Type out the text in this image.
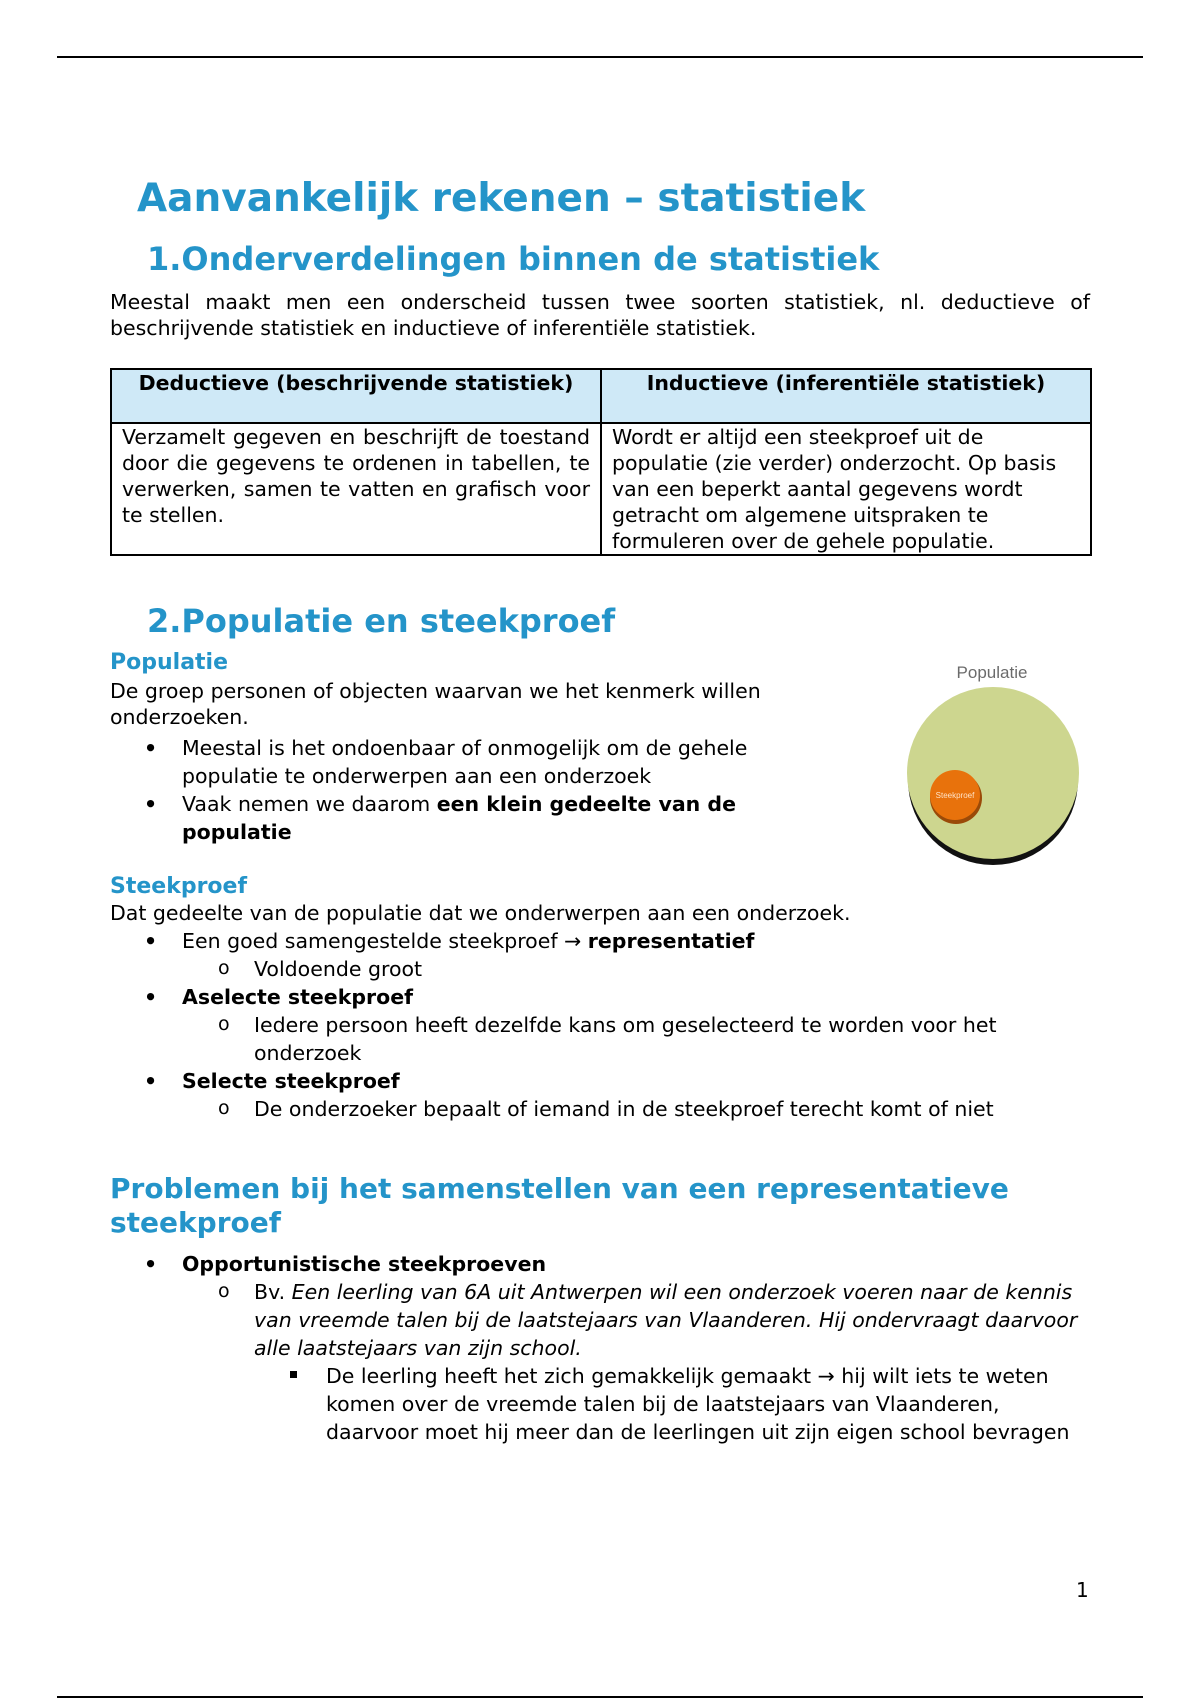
Aanvankelijk rekenen – statistiek
1.Onderverdelingen binnen de statistiek

Meestal maakt men een onderscheid tussen twee soorten statistiek, nl. deductieve of beschrijvende statistiek en inductieve of inferentiële statistiek.

Deductieve (beschrijvende statistiek)	Inductieve (inferentiële statistiek)
Verzamelt gegeven en beschrijft de toestand door die gegevens te ordenen in tabellen, te verwerken, samen te vatten en grafisch voor te stellen.	Wordt er altijd een steekproef uit de populatie (zie verder) onderzocht. Op basis van een beperkt aantal gegevens wordt getracht om algemene uitspraken te formuleren over de gehele populatie.
2.Populatie en steekproef
Populatie

De groep personen of objecten waarvan we het kenmerk willen onderzoeken.

• Meestal is het ondoenbaar of onmogelijk om de gehele populatie te onderwerpen aan een onderzoek
• Vaak nemen we daarom een klein gedeelte van de populatie
Populatie
Steekproef
Steekproef

Dat gedeelte van de populatie dat we onderwerpen aan een onderzoek.

• Een goed samengestelde steekproef → representatief
o Voldoende groot
• Aselecte steekproef
o Iedere persoon heeft dezelfde kans om geselecteerd te worden voor het onderzoek
• Selecte steekproef
o De onderzoeker bepaalt of iemand in de steekproef terecht komt of niet
Problemen bij het samenstellen van een representatieve steekproef
• Opportunistische steekproeven
o Bv. Een leerling van 6A uit Antwerpen wil een onderzoek voeren naar de kennis van vreemde talen bij de laatstejaars van Vlaanderen. Hij ondervraagt daarvoor alle laatstejaars van zijn school.
De leerling heeft het zich gemakkelijk gemaakt → hij wilt iets te weten komen over de vreemde talen bij de laatstejaars van Vlaanderen, daarvoor moet hij meer dan de leerlingen uit zijn eigen school bevragen
1
